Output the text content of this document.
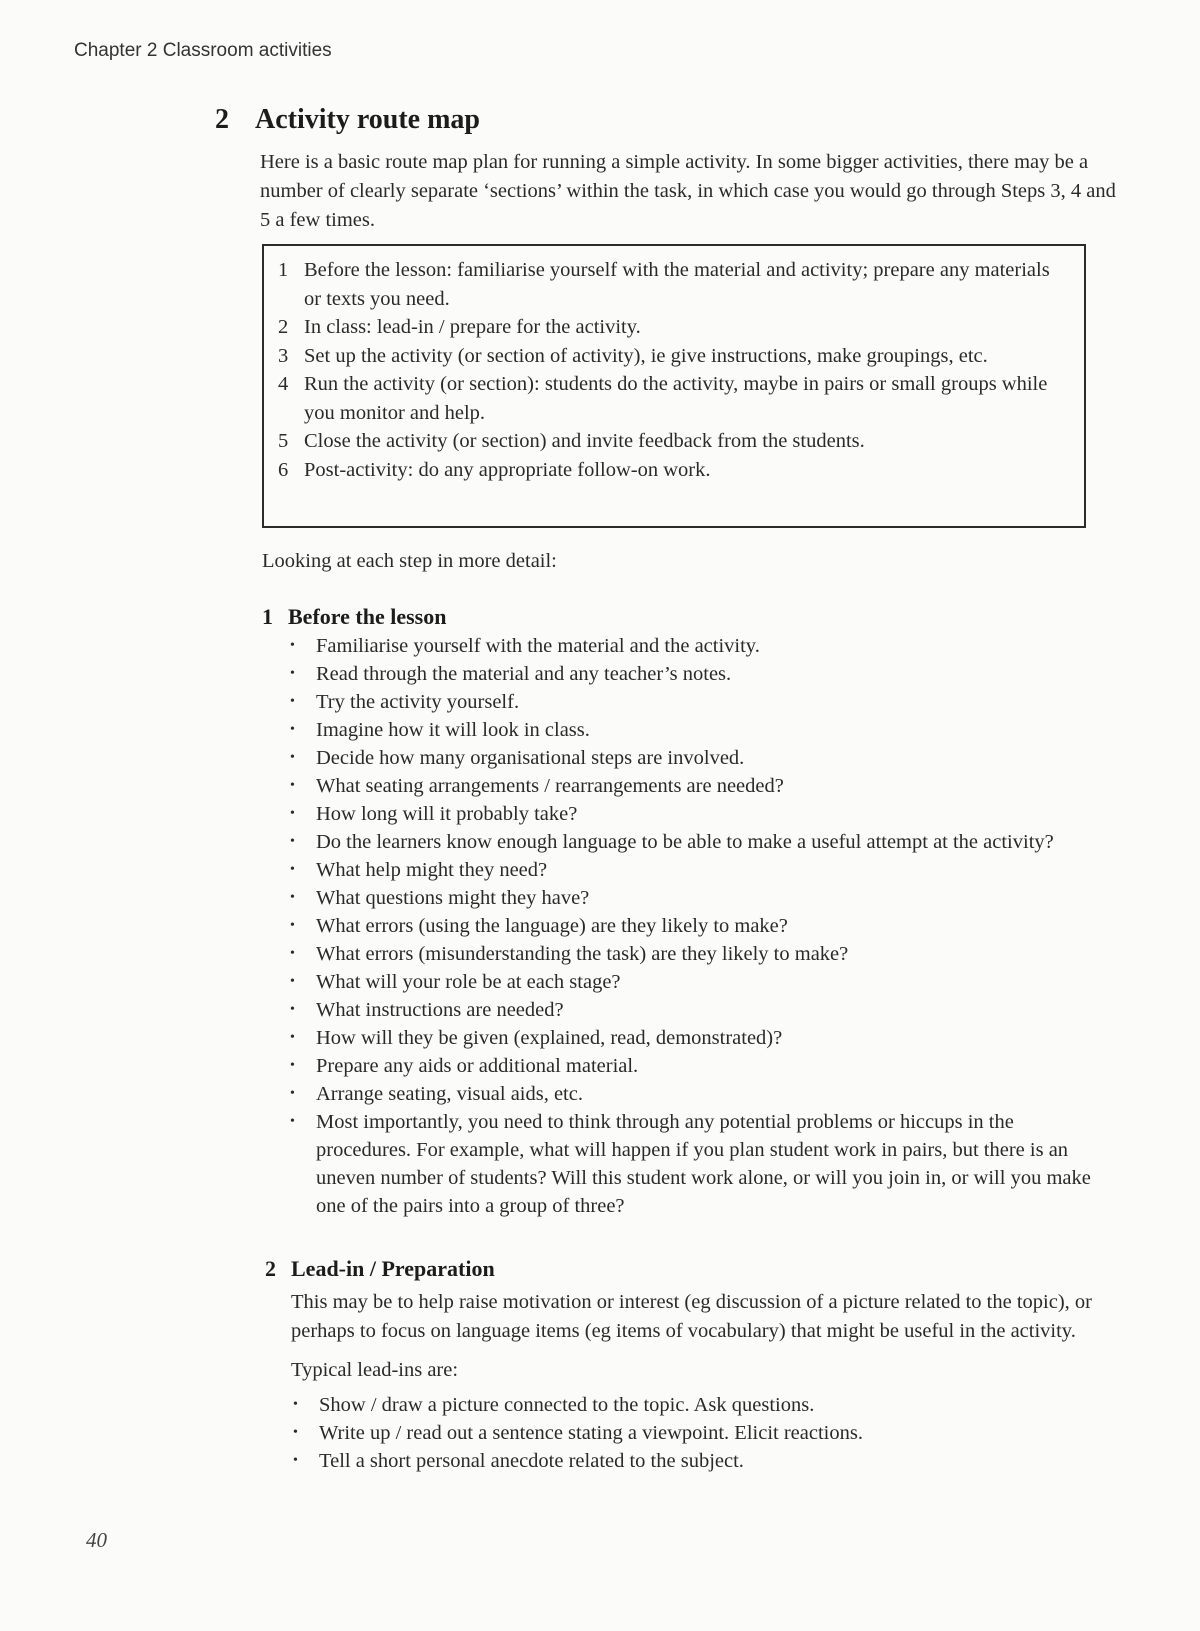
Chapter 2 Classroom activities
2 Activity route map

Here is a basic route map plan for running a simple activity. In some bigger activities, there may be a number of clearly separate ‘sections’ within the task, in which case you would go through Steps 3, 4 and 5 a few times.

1 Before the lesson: familiarise yourself with the material and activity; prepare any materials or texts you need.
2 In class: lead-in / prepare for the activity.
3 Set up the activity (or section of activity), ie give instructions, make groupings, etc.
4 Run the activity (or section): students do the activity, maybe in pairs or small groups while you monitor and help.
5 Close the activity (or section) and invite feedback from the students.
6 Post-activity: do any appropriate follow-on work.

Looking at each step in more detail:

1 Before the lesson
• Familiarise yourself with the material and the activity.
• Read through the material and any teacher’s notes.
• Try the activity yourself.
• Imagine how it will look in class.
• Decide how many organisational steps are involved.
• What seating arrangements / rearrangements are needed?
• How long will it probably take?
• Do the learners know enough language to be able to make a useful attempt at the activity?
• What help might they need?
• What questions might they have?
• What errors (using the language) are they likely to make?
• What errors (misunderstanding the task) are they likely to make?
• What will your role be at each stage?
• What instructions are needed?
• How will they be given (explained, read, demonstrated)?
• Prepare any aids or additional material.
• Arrange seating, visual aids, etc.
• Most importantly, you need to think through any potential problems or hiccups in the procedures. For example, what will happen if you plan student work in pairs, but there is an uneven number of students? Will this student work alone, or will you join in, or will you make one of the pairs into a group of three?
2 Lead-in / Preparation

This may be to help raise motivation or interest (eg discussion of a picture related to the topic), or perhaps to focus on language items (eg items of vocabulary) that might be useful in the activity.

Typical lead-ins are:

• Show / draw a picture connected to the topic. Ask questions.
• Write up / read out a sentence stating a viewpoint. Elicit reactions.
• Tell a short personal anecdote related to the subject.
40
